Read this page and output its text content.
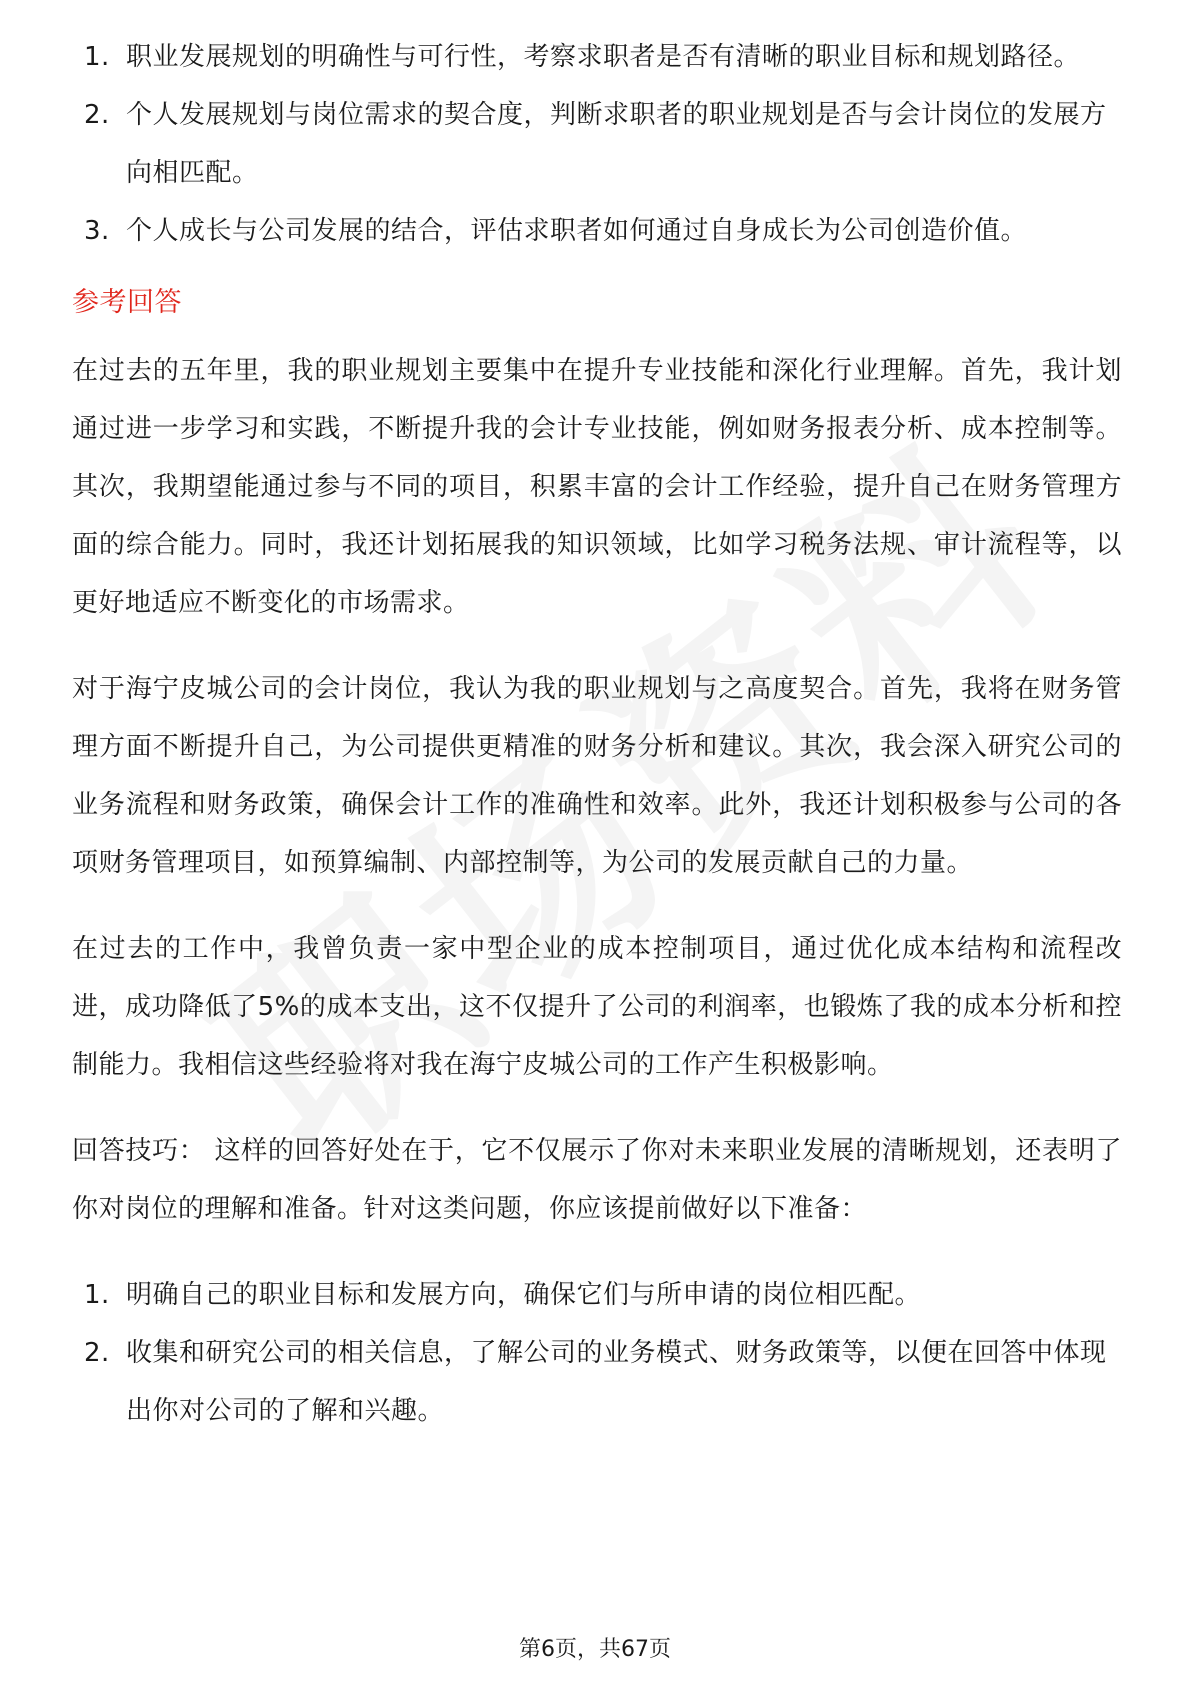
1. 职业发展规划的明确性与可行性，考察求职者是否有清晰的职业目标和规划路径。
2. 个人发展规划与岗位需求的契合度，判断求职者的职业规划是否与会计岗位的发展方向相匹配。
3. 个人成长与公司发展的结合，评估求职者如何通过自身成长为公司创造价值。
参考回答

在过去的五年里，我的职业规划主要集中在提升专业技能和深化行业理解。首先，我计划通过进一步学习和实践，不断提升我的会计专业技能，例如财务报表分析、成本控制等。其次，我期望能通过参与不同的项目，积累丰富的会计工作经验，提升自己在财务管理方面的综合能力。同时，我还计划拓展我的知识领域，比如学习税务法规、审计流程等，以更好地适应不断变化的市场需求。

对于海宁皮城公司的会计岗位，我认为我的职业规划与之高度契合。首先，我将在财务管理方面不断提升自己，为公司提供更精准的财务分析和建议。其次，我会深入研究公司的业务流程和财务政策，确保会计工作的准确性和效率。此外，我还计划积极参与公司的各项财务管理项目，如预算编制、内部控制等，为公司的发展贡献自己的力量。

在过去的工作中，我曾负责一家中型企业的成本控制项目，通过优化成本结构和流程改进，成功降低了5%的成本支出，这不仅提升了公司的利润率，也锻炼了我的成本分析和控制能力。我相信这些经验将对我在海宁皮城公司的工作产生积极影响。

回答技巧： 这样的回答好处在于，它不仅展示了你对未来职业发展的清晰规划，还表明了你对岗位的理解和准备。针对这类问题，你应该提前做好以下准备：

1. 明确自己的职业目标和发展方向，确保它们与所申请的岗位相匹配。
2. 收集和研究公司的相关信息，了解公司的业务模式、财务政策等，以便在回答中体现出你对公司的了解和兴趣。
第6页，共67页
